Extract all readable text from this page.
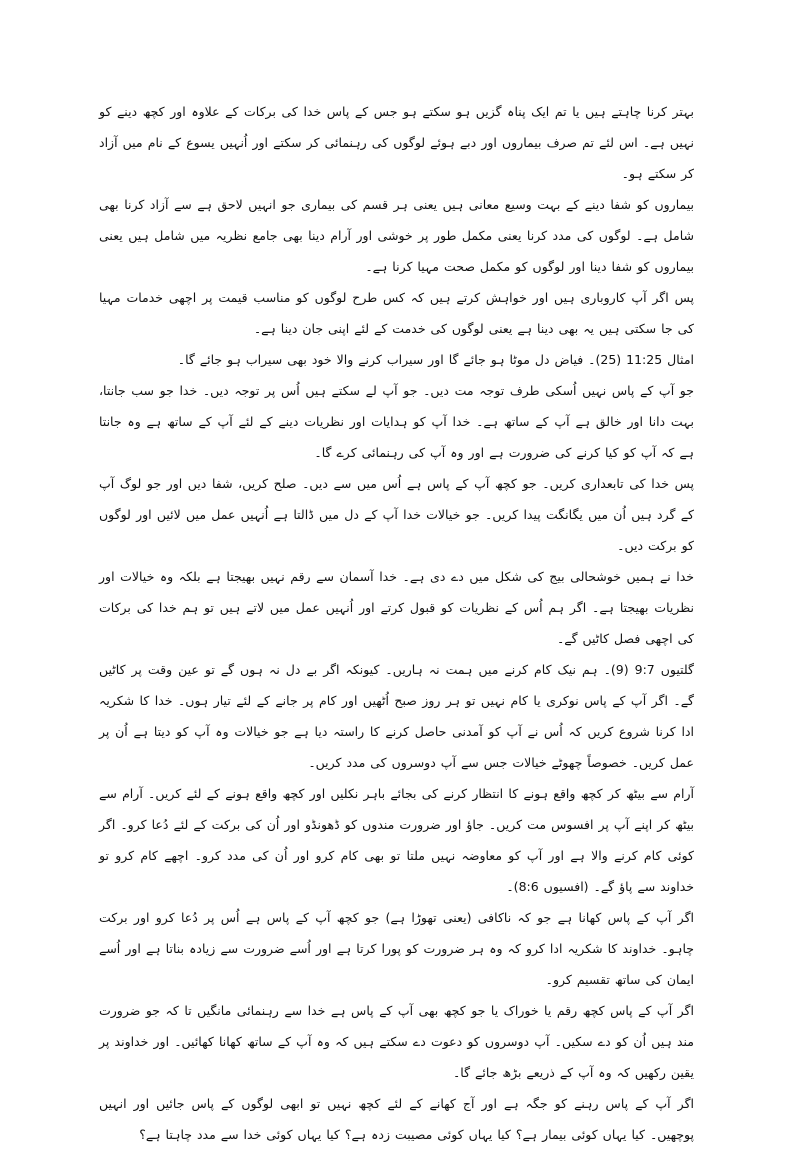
بہتر کرنا چاہتے ہیں یا تم ایک پناہ گزیں ہو سکتے ہو جس کے پاس خدا کی برکات کے علاوہ اور کچھ دینے کو نہیں ہے۔ اس لئے تم صرف بیماروں اور دبے ہوئے لوگوں کی رہنمائی کر سکتے اور اُنہیں یسوع کے نام میں آزاد کر سکتے ہو۔

بیماروں کو شفا دینے کے بہت وسیع معانی ہیں یعنی ہر قسم کی بیماری جو انہیں لاحق ہے سے آزاد کرنا بھی شامل ہے۔ لوگوں کی مدد کرنا یعنی مکمل طور پر خوشی اور آرام دینا بھی جامع نظریہ میں شامل ہیں یعنی بیماروں کو شفا دینا اور لوگوں کو مکمل صحت مہیا کرنا ہے۔

پس اگر آپ کاروباری ہیں اور خواہش کرتے ہیں کہ کس طرح لوگوں کو مناسب قیمت پر اچھی خدمات مہیا کی جا سکتی ہیں یہ بھی دینا ہے یعنی لوگوں کی خدمت کے لئے اپنی جان دینا ہے۔

امثال 11:25 (25)۔ فیاض دل موٹا ہو جائے گا اور سیراب کرنے والا خود بھی سیراب ہو جائے گا۔

جو آپ کے پاس نہیں اُسکی طرف توجہ مت دیں۔ جو آپ لے سکتے ہیں اُس پر توجہ دیں۔ خدا جو سب جانتا، بہت دانا اور خالق ہے آپ کے ساتھ ہے۔ خدا آپ کو ہدایات اور نظریات دینے کے لئے آپ کے ساتھ ہے وہ جانتا ہے کہ آپ کو کیا کرنے کی ضرورت ہے اور وہ آپ کی رہنمائی کرے گا۔

پس خدا کی تابعداری کریں۔ جو کچھ آپ کے پاس ہے اُس میں سے دیں۔ صلح کریں، شفا دیں اور جو لوگ آپ کے گرد ہیں اُن میں یگانگت پیدا کریں۔ جو خیالات خدا آپ کے دل میں ڈالتا ہے اُنہیں عمل میں لائیں اور لوگوں کو برکت دیں۔

خدا نے ہمیں خوشحالی بیج کی شکل میں دے دی ہے۔ خدا آسمان سے رقم نہیں بھیجتا ہے بلکہ وہ خیالات اور نظریات بھیجتا ہے۔ اگر ہم اُس کے نظریات کو قبول کرتے اور اُنہیں عمل میں لاتے ہیں تو ہم خدا کی برکات کی اچھی فصل کاٹیں گے۔

گلتیوں 9:7 (9)۔ ہم نیک کام کرنے میں ہمت نہ ہاریں۔ کیونکہ اگر بے دل نہ ہوں گے تو عین وقت پر کاٹیں گے۔ اگر آپ کے پاس نوکری یا کام نہیں تو ہر روز صبح اُٹھیں اور کام پر جانے کے لئے تیار ہوں۔ خدا کا شکریہ ادا کرنا شروع کریں کہ اُس نے آپ کو آمدنی حاصل کرنے کا راستہ دیا ہے جو خیالات وہ آپ کو دیتا ہے اُن پر عمل کریں۔ خصوصاً چھوٹے خیالات جس سے آپ دوسروں کی مدد کریں۔

آرام سے بیٹھ کر کچھ واقع ہونے کا انتظار کرنے کی بجائے باہر نکلیں اور کچھ واقع ہونے کے لئے کریں۔ آرام سے بیٹھ کر اپنے آپ پر افسوس مت کریں۔ جاؤ اور ضرورت مندوں کو ڈھونڈو اور اُن کی برکت کے لئے دُعا کرو۔ اگر کوئی کام کرنے والا ہے اور آپ کو معاوضہ نہیں ملتا تو بھی کام کرو اور اُن کی مدد کرو۔ اچھے کام کرو تو خداوند سے پاؤ گے۔ (افسیوں 8:6)۔

اگر آپ کے پاس کھانا ہے جو کہ ناکافی (یعنی تھوڑا ہے) جو کچھ آپ کے پاس ہے اُس پر دُعا کرو اور برکت چاہو۔ خداوند کا شکریہ ادا کرو کہ وہ ہر ضرورت کو پورا کرتا ہے اور اُسے ضرورت سے زیادہ بناتا ہے اور اُسے ایمان کی ساتھ تقسیم کرو۔

اگر آپ کے پاس کچھ رقم یا خوراک یا جو کچھ بھی آپ کے پاس ہے خدا سے رہنمائی مانگیں تا کہ جو ضرورت مند ہیں اُن کو دے سکیں۔ آپ دوسروں کو دعوت دے سکتے ہیں کہ وہ آپ کے ساتھ کھانا کھائیں۔ اور خداوند پر یقین رکھیں کہ وہ آپ کے ذریعے بڑھ جائے گا۔

اگر آپ کے پاس رہنے کو جگہ ہے اور آج کھانے کے لئے کچھ نہیں تو ابھی لوگوں کے پاس جائیں اور انہیں پوچھیں۔ کیا یہاں کوئی بیمار ہے؟ کیا یہاں کوئی مصیبت زدہ ہے؟ کیا یہاں کوئی خدا سے مدد چاہتا ہے؟
